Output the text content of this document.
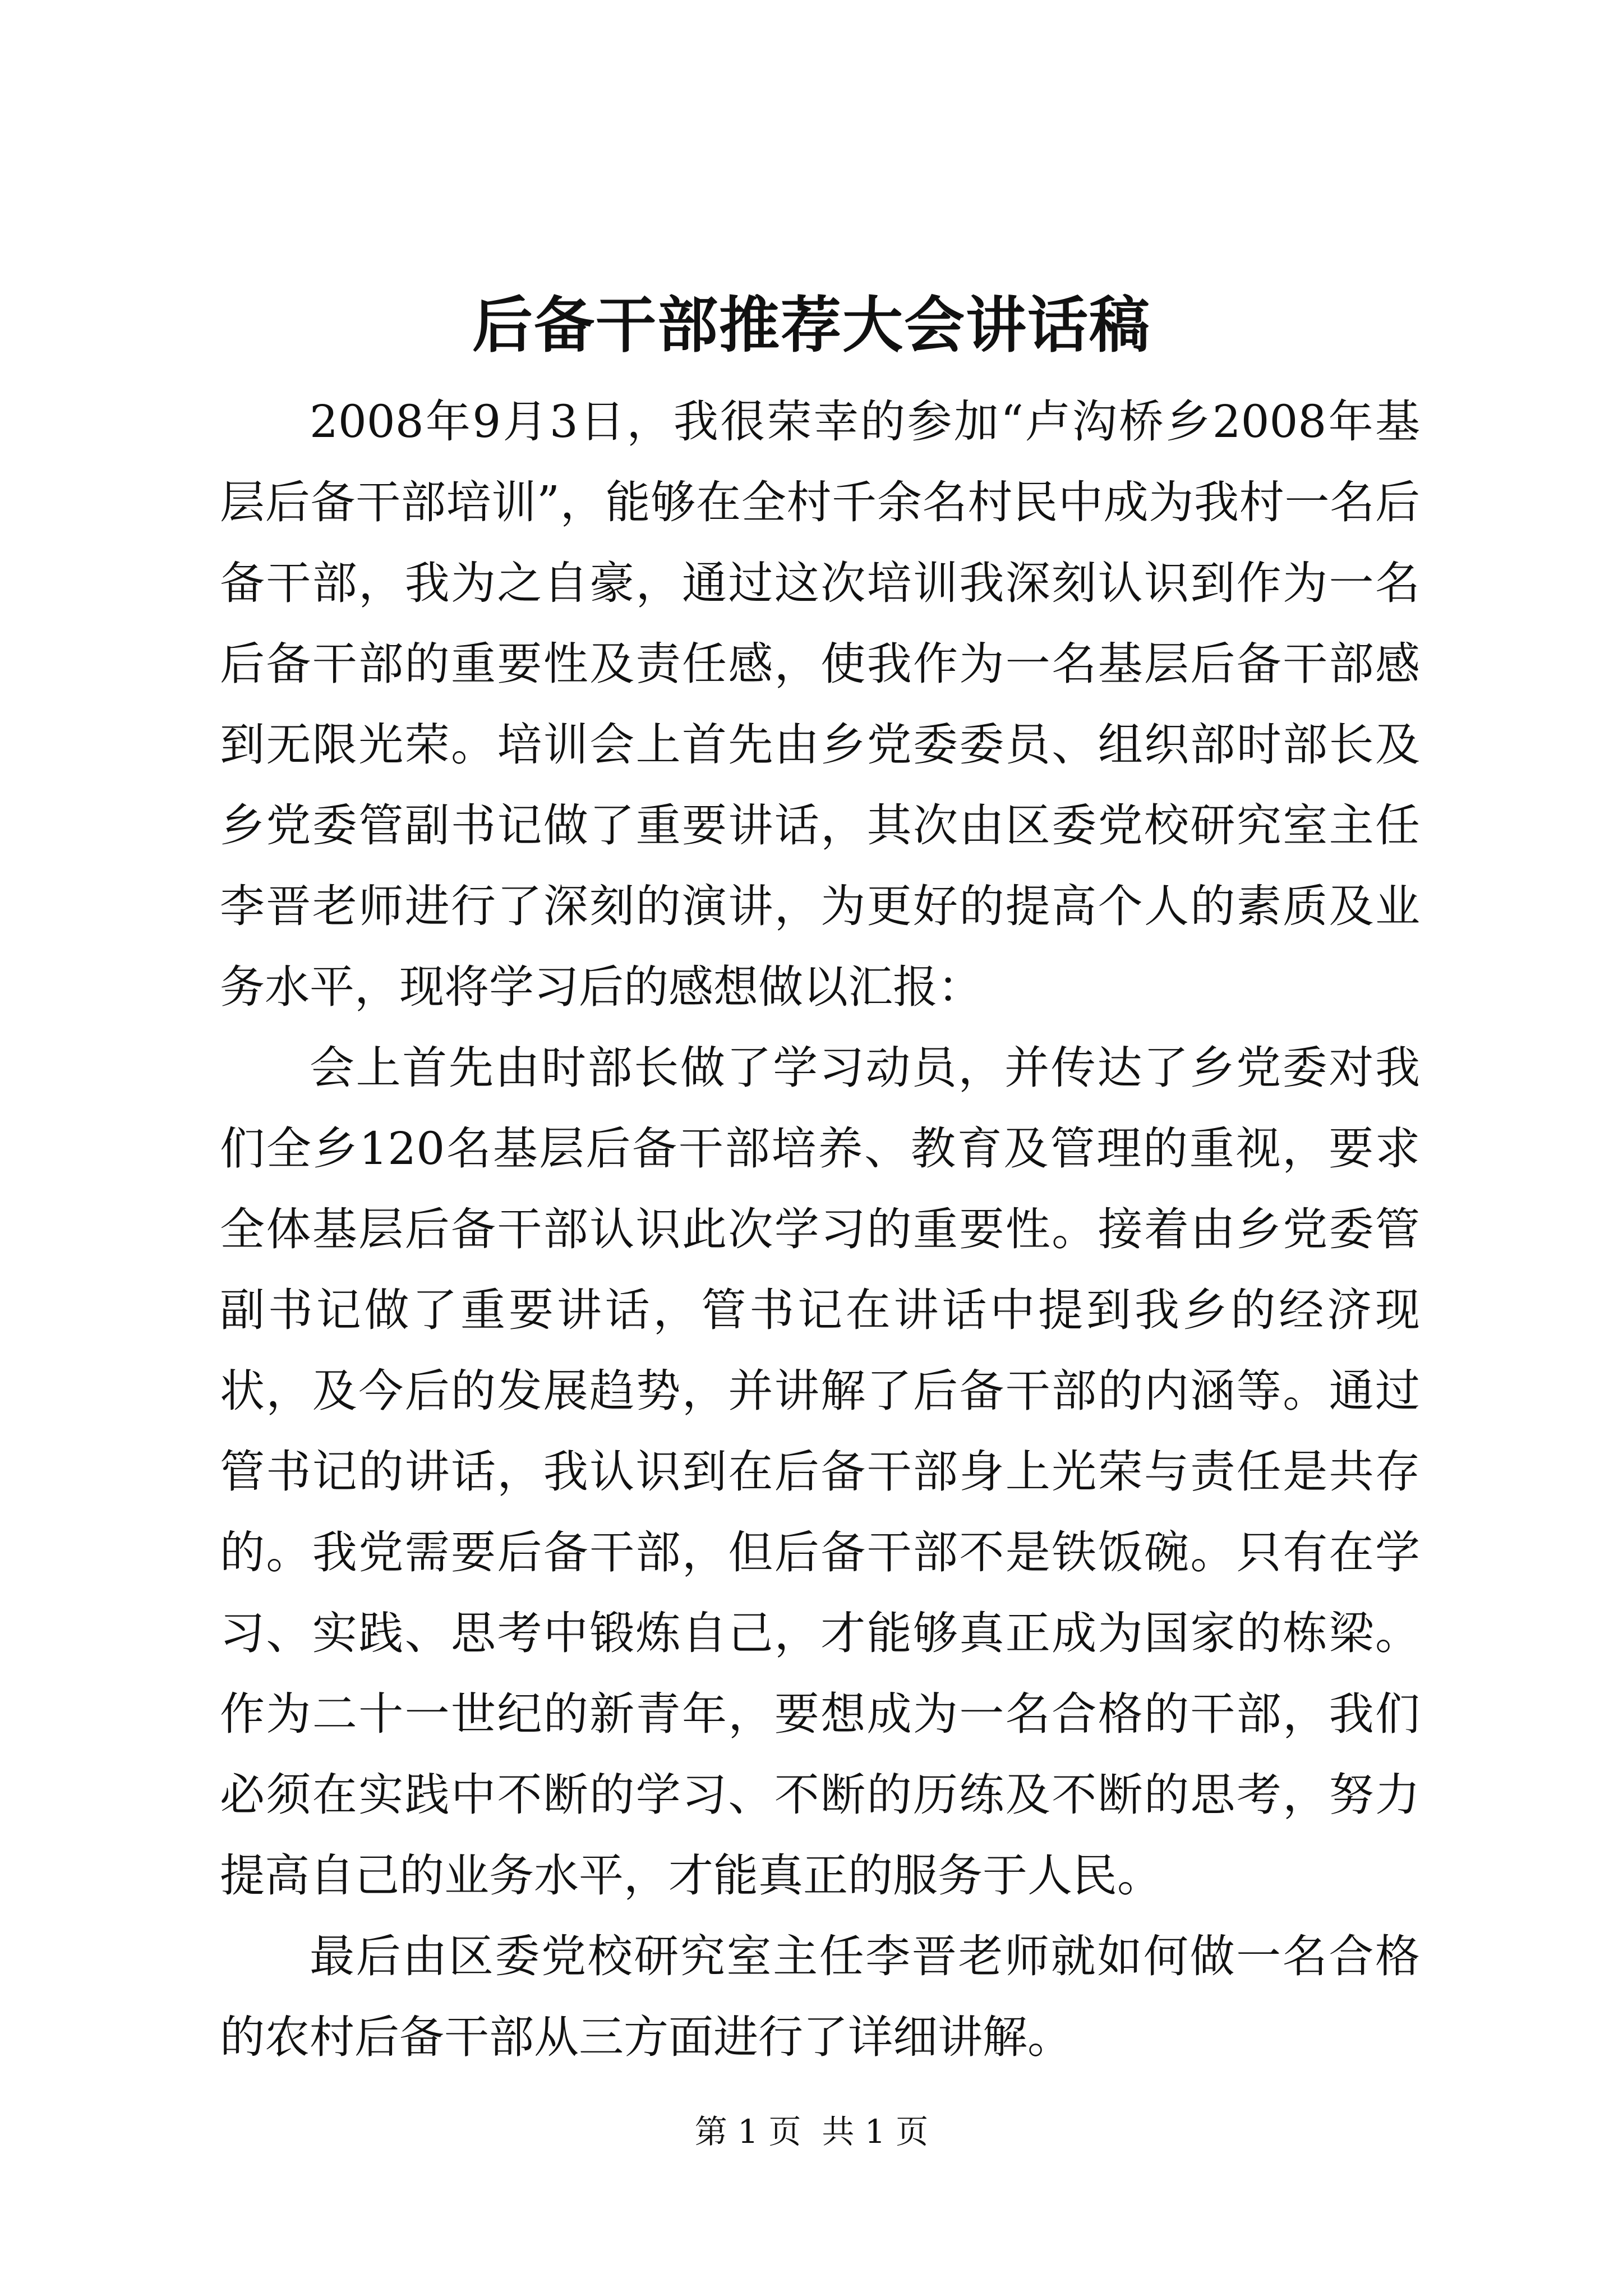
后备干部推荐大会讲话稿

2008年9月3日，我很荣幸的参加“卢沟桥乡2008年基层后备干部培训”，能够在全村千余名村民中成为我村一名后备干部，我为之自豪，通过这次培训我深刻认识到作为一名后备干部的重要性及责任感，使我作为一名基层后备干部感到无限光荣。培训会上首先由乡党委委员、组织部时部长及乡党委管副书记做了重要讲话，其次由区委党校研究室主任李晋老师进行了深刻的演讲，为更好的提高个人的素质及业务水平，现将学习后的感想做以汇报：

会上首先由时部长做了学习动员，并传达了乡党委对我们全乡120名基层后备干部培养、教育及管理的重视，要求全体基层后备干部认识此次学习的重要性。接着由乡党委管副书记做了重要讲话，管书记在讲话中提到我乡的经济现状，及今后的发展趋势，并讲解了后备干部的内涵等。通过管书记的讲话，我认识到在后备干部身上光荣与责任是共存的。我党需要后备干部，但后备干部不是铁饭碗。只有在学习、实践、思考中锻炼自己，才能够真正成为国家的栋梁。作为二十一世纪的新青年，要想成为一名合格的干部，我们必须在实践中不断的学习、不断的历练及不断的思考，努力提高自己的业务水平，才能真正的服务于人民。

最后由区委党校研究室主任李晋老师就如何做一名合格的农村后备干部从三方面进行了详细讲解。

第 1 页  共 1 页
